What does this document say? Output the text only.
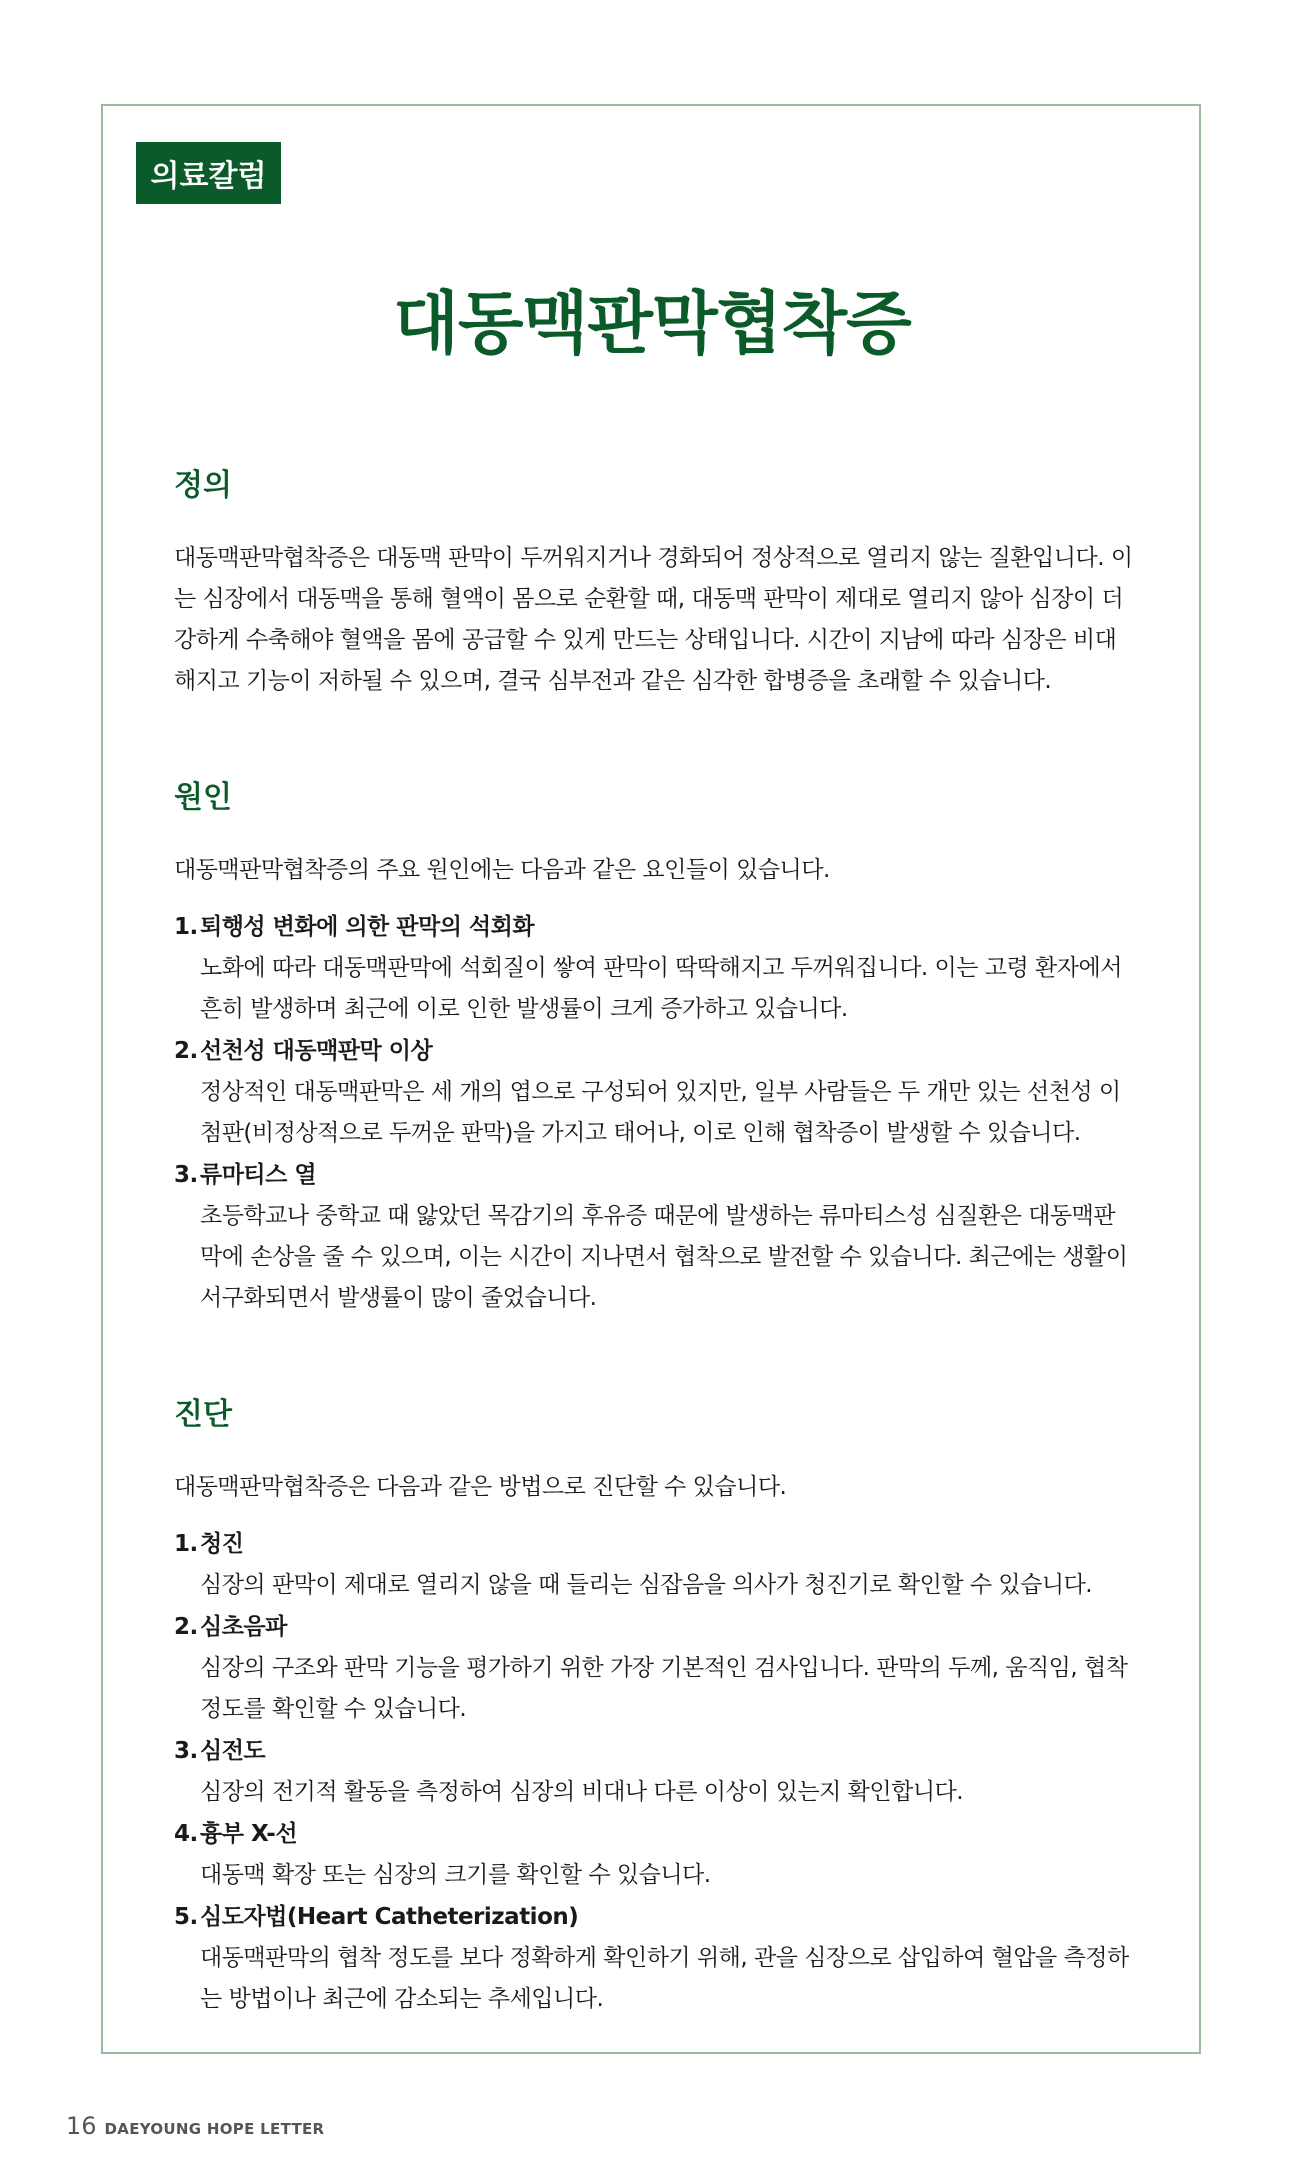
의료칼럼
대동맥판막협착증
정의

대동맥판막협착증은 대동맥 판막이 두꺼워지거나 경화되어 정상적으로 열리지 않는 질환입니다. 이는 심장에서 대동맥을 통해 혈액이 몸으로 순환할 때, 대동맥 판막이 제대로 열리지 않아 심장이 더 강하게 수축해야 혈액을 몸에 공급할 수 있게 만드는 상태입니다. 시간이 지남에 따라 심장은 비대해지고 기능이 저하될 수 있으며, 결국 심부전과 같은 심각한 합병증을 초래할 수 있습니다.

원인

대동맥판막협착증의 주요 원인에는 다음과 같은 요인들이 있습니다.

1.퇴행성 변화에 의한 판막의 석회화
노화에 따라 대동맥판막에 석회질이 쌓여 판막이 딱딱해지고 두꺼워집니다. 이는 고령 환자에서 흔히 발생하며 최근에 이로 인한 발생률이 크게 증가하고 있습니다.
2.선천성 대동맥판막 이상
정상적인 대동맥판막은 세 개의 엽으로 구성되어 있지만, 일부 사람들은 두 개만 있는 선천성 이첨판(비정상적으로 두꺼운 판막)을 가지고 태어나, 이로 인해 협착증이 발생할 수 있습니다.
3.류마티스 열
초등학교나 중학교 때 앓았던 목감기의 후유증 때문에 발생하는 류마티스성 심질환은 대동맥판막에 손상을 줄 수 있으며, 이는 시간이 지나면서 협착으로 발전할 수 있습니다. 최근에는 생활이 서구화되면서 발생률이 많이 줄었습니다.
진단

대동맥판막협착증은 다음과 같은 방법으로 진단할 수 있습니다.

1.청진
심장의 판막이 제대로 열리지 않을 때 들리는 심잡음을 의사가 청진기로 확인할 수 있습니다.
2.심초음파
심장의 구조와 판막 기능을 평가하기 위한 가장 기본적인 검사입니다. 판막의 두께, 움직임, 협착 정도를 확인할 수 있습니다.
3.심전도
심장의 전기적 활동을 측정하여 심장의 비대나 다른 이상이 있는지 확인합니다.
4.흉부 X-선
대동맥 확장 또는 심장의 크기를 확인할 수 있습니다.
5.심도자법(Heart Catheterization)
대동맥판막의 협착 정도를 보다 정확하게 확인하기 위해, 관을 심장으로 삽입하여 혈압을 측정하는 방법이나 최근에 감소되는 추세입니다.
16 DAEYOUNG HOPE LETTER
